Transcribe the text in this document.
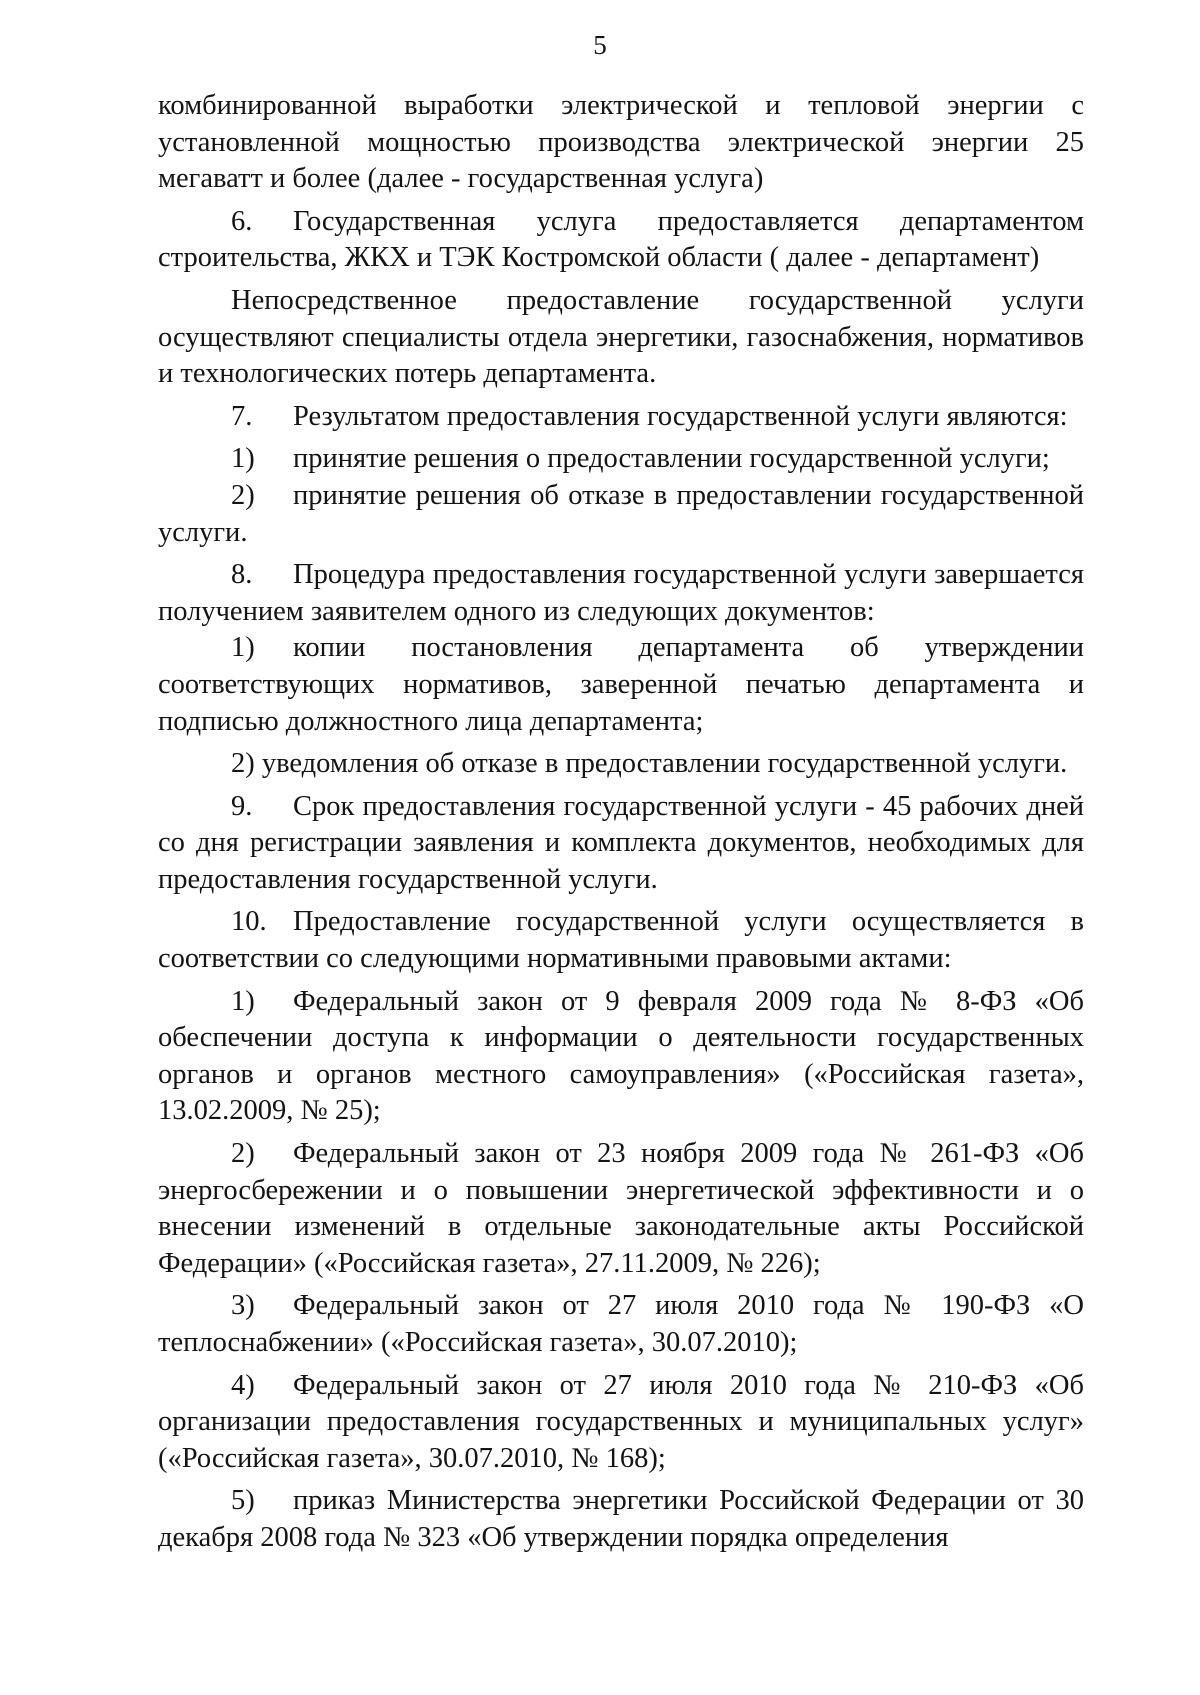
5

комбинированной выработки электрической и тепловой энергии с установленной мощностью производства электрической энергии 25 мегаватт и более (далее - государственная услуга)

6. Государственная услуга предоставляется департаментом строительства, ЖКХ и ТЭК Костромской области ( далее - департамент)

Непосредственное предоставление государственной услуги осуществляют специалисты отдела энергетики, газоснабжения, нормативов и технологических потерь департамента.

7. Результатом предоставления государственной услуги являются:

1) принятие решения о предоставлении государственной услуги;

2) принятие решения об отказе в предоставлении государственной услуги.

8. Процедура предоставления государственной услуги завершается получением заявителем одного из следующих документов:

1) копии постановления департамента об утверждении соответствующих нормативов, заверенной печатью департамента и подписью должностного лица департамента;

2) уведомления об отказе в предоставлении государственной услуги.

9. Срок предоставления государственной услуги - 45 рабочих дней со дня регистрации заявления и комплекта документов, необходимых для предоставления государственной услуги.

10. Предоставление государственной услуги осуществляется в соответствии со следующими нормативными правовыми актами:

1) Федеральный закон от 9 февраля 2009 года № 8-ФЗ «Об обеспечении доступа к информации о деятельности государственных органов и органов местного самоуправления» («Российская газета», 13.02.2009, № 25);

2) Федеральный закон от 23 ноября 2009 года № 261-ФЗ «Об энергосбережении и о повышении энергетической эффективности и о внесении изменений в отдельные законодательные акты Российской Федерации» («Российская газета», 27.11.2009, № 226);

3) Федеральный закон от 27 июля 2010 года № 190-ФЗ «О теплоснабжении» («Российская газета», 30.07.2010);

4) Федеральный закон от 27 июля 2010 года № 210-ФЗ «Об организации предоставления государственных и муниципальных услуг» («Российская газета», 30.07.2010, № 168);

5) приказ Министерства энергетики Российской Федерации от 30 декабря 2008 года № 323 «Об утверждении порядка определения
